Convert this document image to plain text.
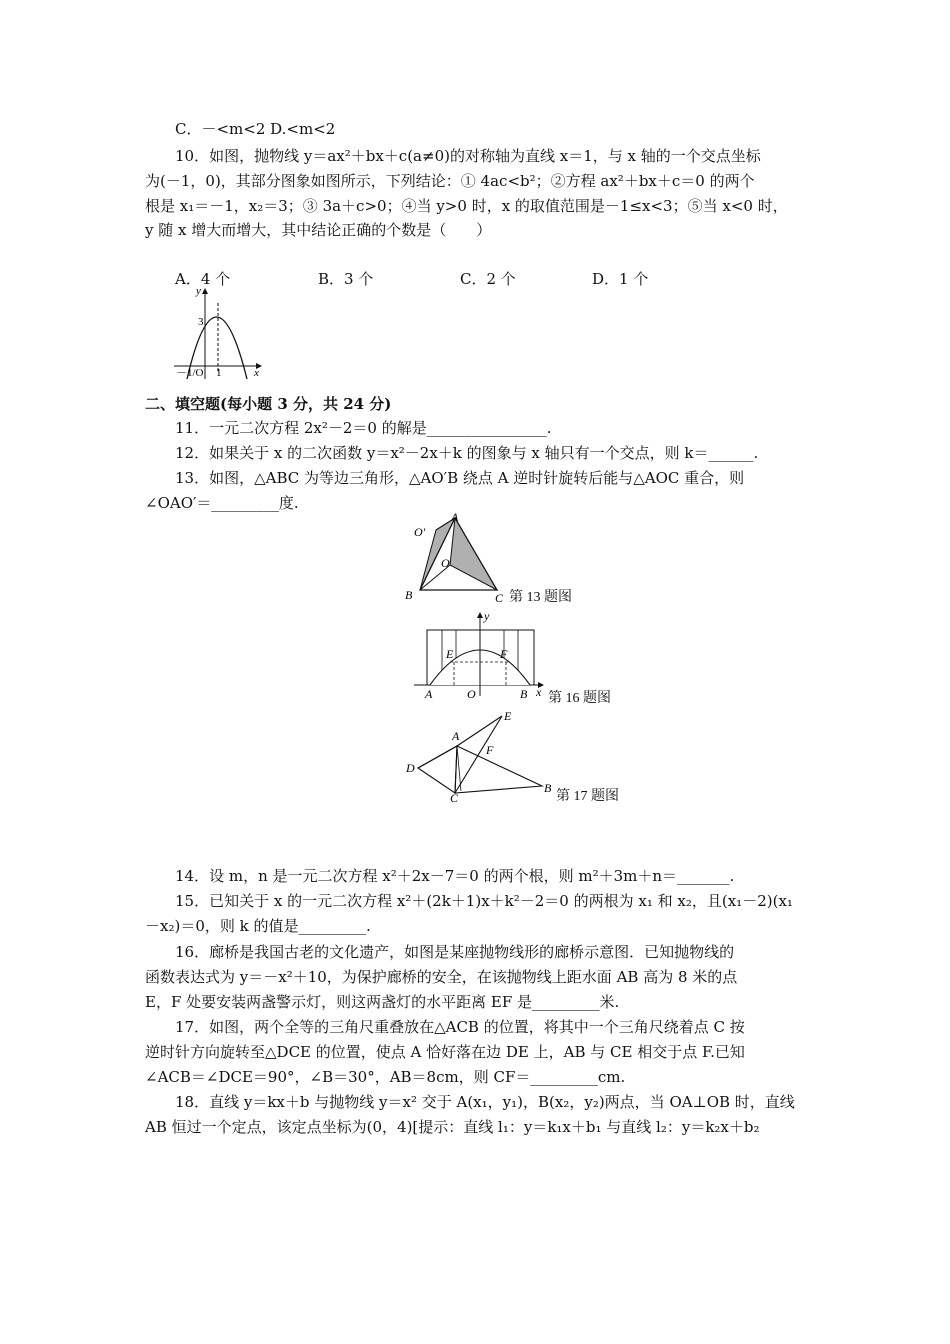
C．－<m<2 D.<m<2
10．如图，抛物线 y＝ax²＋bx＋c(a≠0)的对称轴为直线 x＝1，与 x 轴的一个交点坐标
为(－1，0)，其部分图象如图所示，下列结论：① 4ac<b²；②方程 ax²＋bx＋c＝0 的两个
根是 x₁＝－1，x₂＝3；③ 3a＋c>0；④当 y>0 时，x 的取值范围是－1≤x<3；⑤当 x<0 时，
y 随 x 增大而增大，其中结论正确的个数是（　　）
A．4 个	B．3 个	C．2 个	D．1 个
y
x
3
－1/O 1
二、填空题(每小题 3 分，共 24 分)
11．一元二次方程 2x²－2＝0 的解是________________.
12．如果关于 x 的二次函数 y＝x²－2x＋k 的图象与 x 轴只有一个交点，则 k＝______.
13．如图，△ABC 为等边三角形，△AO′B 绕点 A 逆时针旋转后能与△AOC 重合，则
∠OAO′＝_________度.
A
O′
O
B	C 第 13 题图
y
E	F
A	O	B x 第 16 题图
E
A
F
D
B
C	第 17 题图
14．设 m，n 是一元二次方程 x²＋2x－7＝0 的两个根，则 m²＋3m＋n＝_______.
15．已知关于 x 的一元二次方程 x²＋(2k＋1)x＋k²－2＝0 的两根为 x₁ 和 x₂，且(x₁－2)(x₁
－x₂)＝0，则 k 的值是_________.
16．廊桥是我国古老的文化遗产，如图是某座抛物线形的廊桥示意图．已知抛物线的
函数表达式为 y＝－x²＋10，为保护廊桥的安全，在该抛物线上距水面 AB 高为 8 米的点
E，F 处要安装两盏警示灯，则这两盏灯的水平距离 EF 是_________米.
17．如图，两个全等的三角尺重叠放在△ACB 的位置，将其中一个三角尺绕着点 C 按
逆时针方向旋转至△DCE 的位置，使点 A 恰好落在边 DE 上，AB 与 CE 相交于点 F.已知
∠ACB＝∠DCE＝90°，∠B＝30°，AB＝8cm，则 CF＝_________cm.
18．直线 y＝kx＋b 与抛物线 y＝x² 交于 A(x₁，y₁)，B(x₂，y₂)两点，当 OA⊥OB 时，直线
AB 恒过一个定点，该定点坐标为(0，4)[提示：直线 l₁：y＝k₁x＋b₁ 与直线 l₂：y＝k₂x＋b₂
